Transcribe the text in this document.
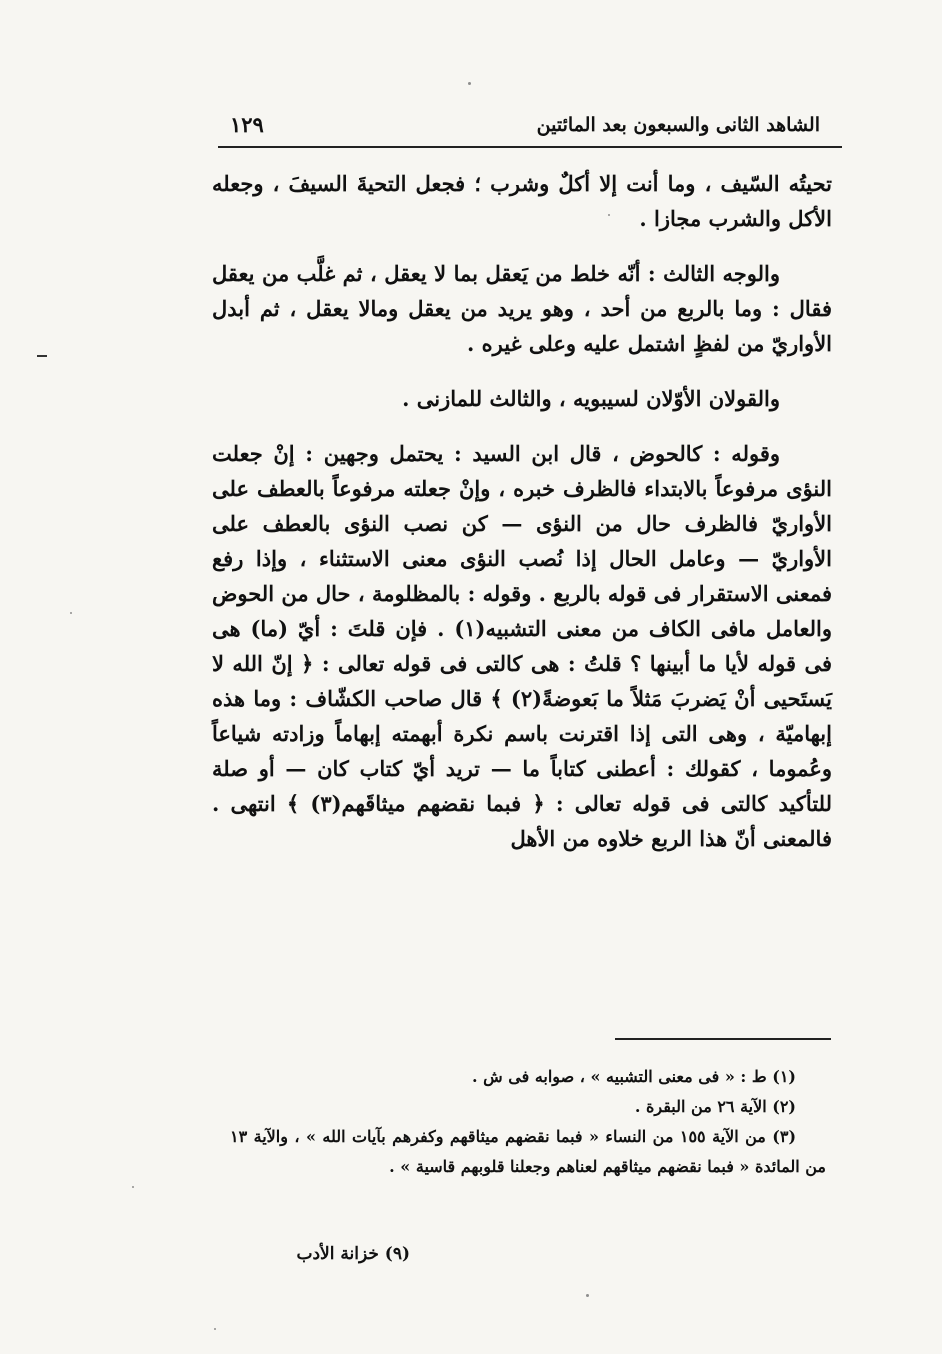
الشاهد الثانى والسبعون بعد المائتين
١٢٩

تحيتُه السّيف ، وما أنت إلا أكلٌ وشرب ؛ فجعل التحيةَ السيفَ ، وجعله الأكل والشرب مجازا .

والوجه الثالث : أنّه خلط من يَعقل بما لا يعقل ، ثم غلَّب من يعقل فقال : وما بالربع من أحد ، وهو يريد من يعقل ومالا يعقل ، ثم أبدل الأواريّ من لفظٍ اشتمل عليه وعلى غيره .

والقولان الأوّلان لسيبويه ، والثالث للمازنى .

وقوله : كالحوض ، قال ابن السيد : يحتمل وجهين : إنْ جعلت النؤى مرفوعاً بالابتداء فالظرف خبره ، وإنْ جعلته مرفوعاً بالعطف على الأواريّ فالظرف حال من النؤى — كن نصب النؤى بالعطف على الأواريّ — وعامل الحال إذا نُصب النؤى معنى الاستثناء ، وإذا رفع فمعنى الاستقرار فى قوله بالربع . وقوله : بالمظلومة ، حال من الحوض والعامل مافى الكاف من معنى التشبيه(١) . فإن قلتَ : أيّ (ما) هى فى قوله لأيا ما أبينها ؟ قلتُ : هى كالتى فى قوله تعالى : ﴿ إنّ الله لا يَستَحيى أنْ يَضربَ مَثلاً ما بَعوضةً(٢) ﴾ قال صاحب الكشّاف : وما هذه إبهاميّة ، وهى التى إذا اقترنت باسم نكرة أبهمته إبهاماً وزادته شياعاً وعُموما ، كقولك : أعطنى كتاباً ما — تريد أيّ كتاب كان — أو صلة للتأكيد كالتى فى قوله تعالى : ﴿ فبما نقضهم ميثاقَهم(٣) ﴾ انتهى . فالمعنى أنّ هذا الربع خلاوه من الأهل

(١) ط : « فى معنى التشبيه » ، صوابه فى ش .

(٢) الآية ٢٦ من البقرة .

(٣) من الآية ١٥٥ من النساء « فبما نقضهم ميثاقهم وكفرهم بآيات الله » ، والآية ١٣ من المائدة « فبما نقضهم ميثاقهم لعناهم وجعلنا قلوبهم قاسية » .

(٩) خزانة الأدب
